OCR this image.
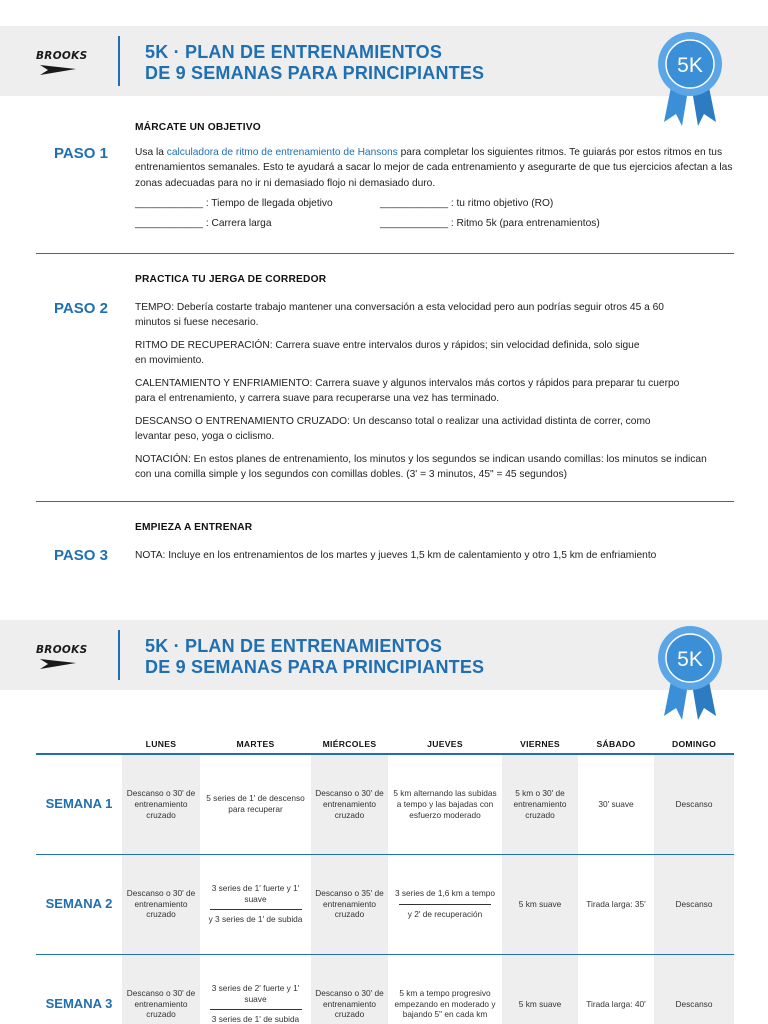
BROOKS	5K · PLAN DE ENTRENAMIENTOS
DE 9 SEMANAS PARA PRINCIPIANTES	5K
PASO 1
MÁRCATE UN OBJETIVO
Usa la calculadora de ritmo de entrenamiento de Hansons para completar los siguientes ritmos. Te guiarás por estos ritmos en tus entrenamientos semanales. Esto te ayudará a sacar lo mejor de cada entrenamiento y asegurarte de que tus ejercicios afectan a las zonas adecuadas para no ir ni demasiado flojo ni demasiado duro.
____________ : Tiempo de llegada objetivo	____________ : tu ritmo objetivo (RO)
____________ : Carrera larga	____________ : Ritmo 5k (para entrenamientos)
PASO 2
PRACTICA TU JERGA DE CORREDOR
TEMPO: Debería costarte trabajo mantener una conversación a esta velocidad pero aun podrías seguir otros 45 a 60 minutos si fuese necesario.
RITMO DE RECUPERACIÓN: Carrera suave entre intervalos duros y rápidos; sin velocidad definida, solo sigue en movimiento.
CALENTAMIENTO Y ENFRIAMIENTO: Carrera suave y algunos intervalos más cortos y rápidos para preparar tu cuerpo para el entrenamiento, y carrera suave para recuperarse una vez has terminado.
DESCANSO O ENTRENAMIENTO CRUZADO: Un descanso total o realizar una actividad distinta de correr, como levantar peso, yoga o ciclismo.
NOTACIÓN: En estos planes de entrenamiento, los minutos y los segundos se indican usando comillas: los minutos se indican con una comilla simple y los segundos con comillas dobles. (3' = 3 minutos, 45" = 45 segundos)
PASO 3
EMPIEZA A ENTRENAR
NOTA: Incluye en los entrenamientos de los martes y jueves 1,5 km de calentamiento y otro 1,5 km de enfriamiento
BROOKS	5K · PLAN DE ENTRENAMIENTOS
DE 9 SEMANAS PARA PRINCIPIANTES	5K
	LUNES	MARTES	MIÉRCOLES	JUEVES	VIERNES	SÁBADO	DOMINGO
SEMANA 1	Descanso o 30' de entrenamiento cruzado	5 series de 1' de descenso para recuperar	Descanso o 30' de entrenamiento cruzado	5 km alternando las subidas a tempo y las bajadas con esfuerzo moderado	5 km o 30' de entrenamiento cruzado	30' suave	Descanso
SEMANA 2	Descanso o 30' de entrenamiento cruzado	3 series de 1' fuerte y 1' suave
y 3 series de 1' de subida	Descanso o 35' de entrenamiento cruzado	3 series de 1,6 km a tempo
y 2' de recuperación	5 km suave	Tirada larga: 35'	Descanso
SEMANA 3	Descanso o 30' de entrenamiento cruzado	3 series de 2' fuerte y 1' suave
3 series de 1' de subida	Descanso o 30' de entrenamiento cruzado	5 km a tempo progresivo empezando en moderado y bajando 5" en cada km	5 km suave	Tirada larga: 40'	Descanso
